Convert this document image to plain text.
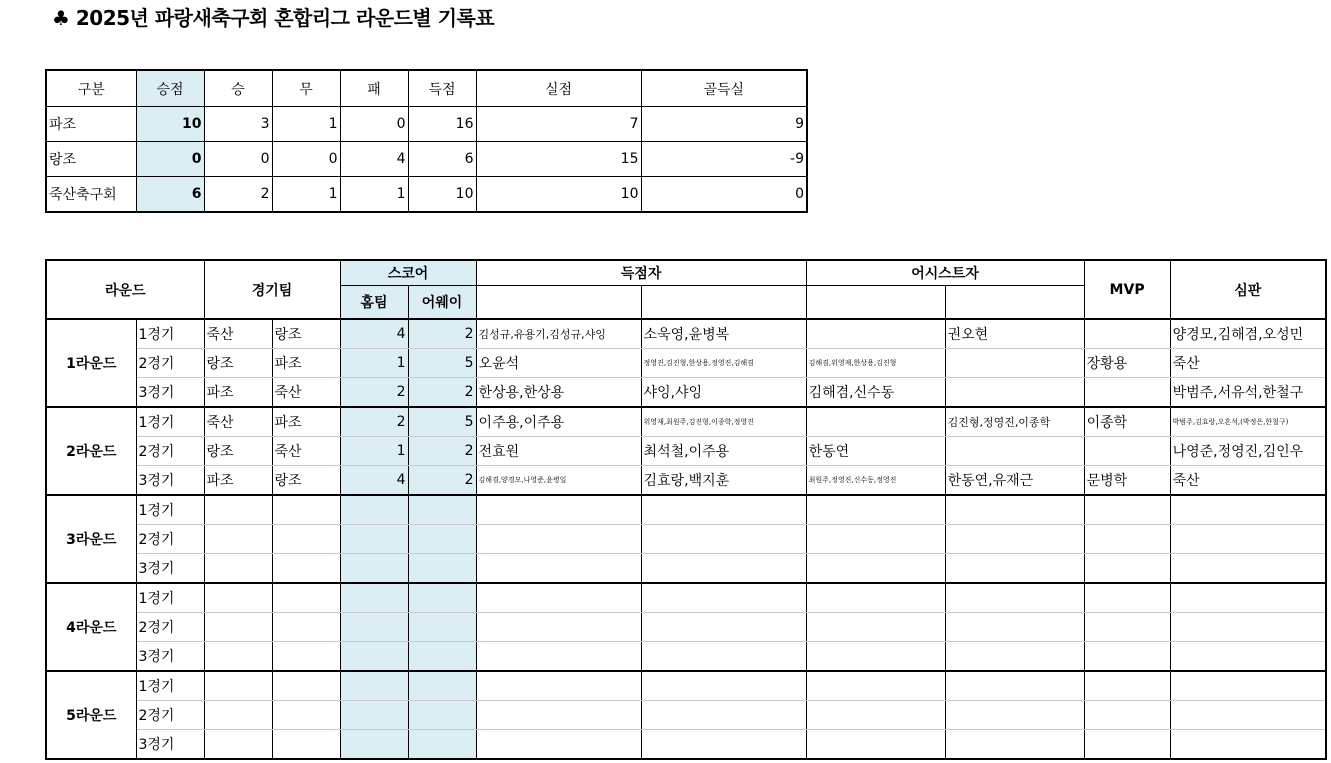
♣ 2025년 파랑새축구회 혼합리그 라운드별 기록표
구분	승점	승	무	패	득점	실점	골득실
파조	10	3	1	0	16	7	9
랑조	0	0	0	4	6	15	-9
죽산축구회	6	2	1	1	10	10	0
라운드		경기팀		스코어		득점자		어시스트자		MVP	심판
				홈팀	어웨이						
1라운드	1경기	죽산	랑조	4	2	김성규,유용기,김성규,샤잉	소욱영,윤병복		권오현		양경모,김해겸,오성민
	2경기	랑조	파조	1	5	오윤석	정영진,김진형,한상용,정영진,김해겸	김해겸,위영재,한상용,김진형		장황용	죽산
	3경기	파조	죽산	2	2	한상용,한상용	샤잉,샤잉	김해겸,신수동			박범주,서유석,한철구
2라운드	1경기	죽산	파조	2	5	이주용,이주용	위영재,최원주,김진형,이종학,정영진		김진형,정영진,이종학	이종학	박범주,김효랑,오흔석,(박정은,한철구)
	2경기	랑조	죽산	1	2	전효원	최석철,이주용	한동연			나영준,정영진,김인우
	3경기	파조	랑조	4	2	김해겸,양경모,나영준,윤병일	김효랑,백지훈	최원주,정영진,신수동,정영진	한동연,유재근	문병학	죽산
3라운드	1경기										
	2경기										
	3경기										
4라운드	1경기										
	2경기										
	3경기										
5라운드	1경기										
	2경기										
	3경기										
